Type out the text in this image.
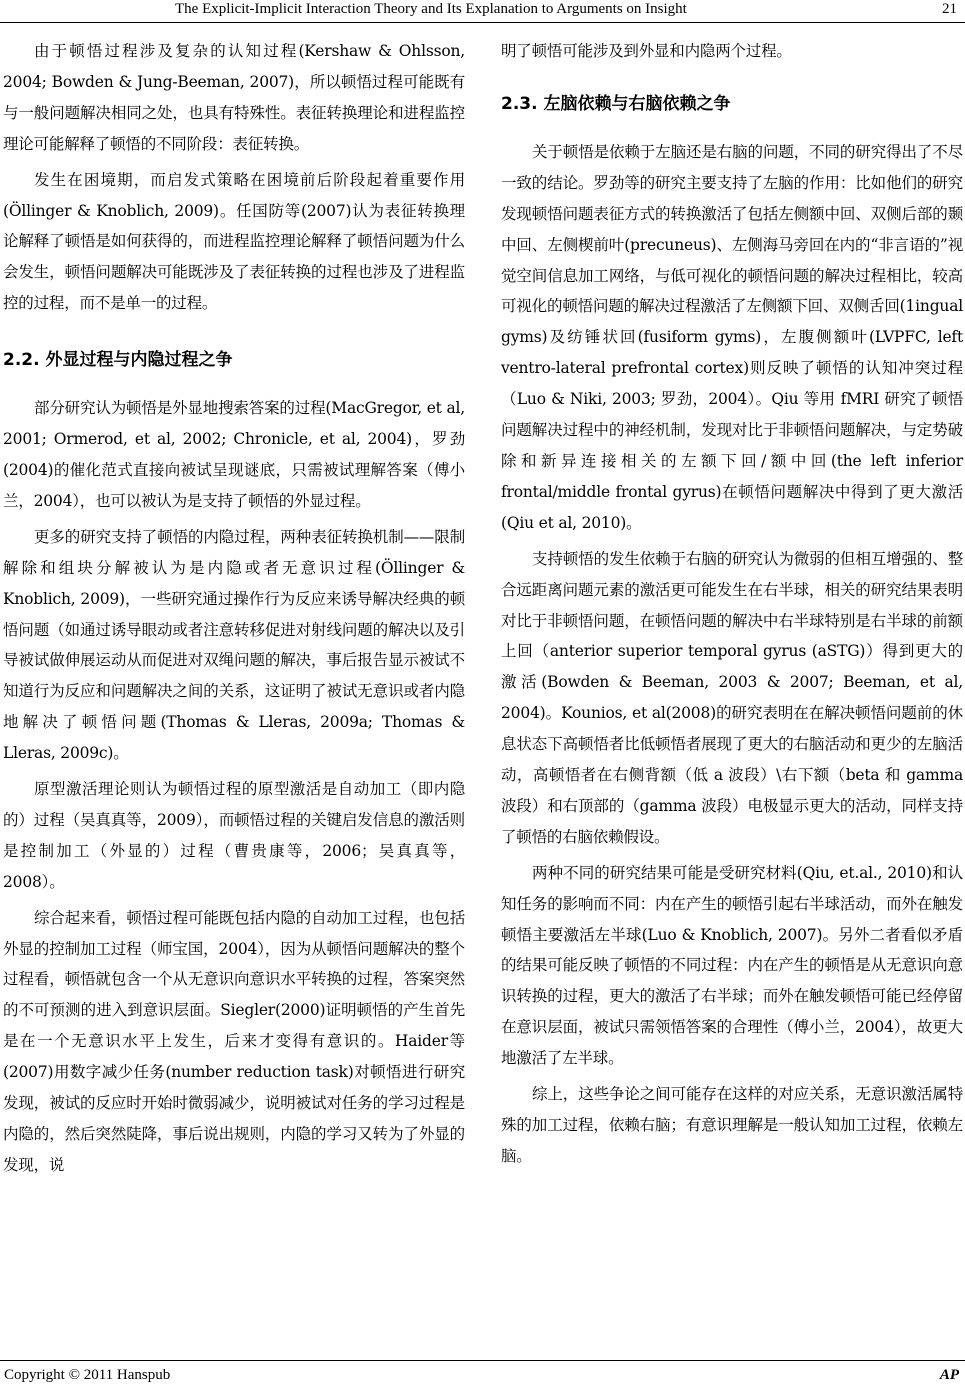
The Explicit-Implicit Interaction Theory and Its Explanation to Arguments on Insight	21

由于顿悟过程涉及复杂的认知过程(Kershaw & Ohlsson, 2004; Bowden & Jung-Beeman, 2007)，所以顿悟过程可能既有与一般问题解决相同之处，也具有特殊性。表征转换理论和进程监控理论可能解释了顿悟的不同阶段：表征转换。

发生在困境期，而启发式策略在困境前后阶段起着重要作用(Öllinger & Knoblich, 2009)。任国防等(2007)认为表征转换理论解释了顿悟是如何获得的，而进程监控理论解释了顿悟问题为什么会发生，顿悟问题解决可能既涉及了表征转换的过程也涉及了进程监控的过程，而不是单一的过程。

2.2. 外显过程与内隐过程之争

部分研究认为顿悟是外显地搜索答案的过程(MacGregor, et al, 2001; Ormerod, et al, 2002; Chronicle, et al, 2004)，罗劲(2004)的催化范式直接向被试呈现谜底，只需被试理解答案（傅小兰，2004），也可以被认为是支持了顿悟的外显过程。

更多的研究支持了顿悟的内隐过程，两种表征转换机制——限制解除和组块分解被认为是内隐或者无意识过程(Öllinger & Knoblich, 2009)，一些研究通过操作行为反应来诱导解决经典的顿悟问题（如通过诱导眼动或者注意转移促进对射线问题的解决以及引导被试做伸展运动从而促进对双绳问题的解决，事后报告显示被试不知道行为反应和问题解决之间的关系，这证明了被试无意识或者内隐地解决了顿悟问题(Thomas & Lleras, 2009a; Thomas & Lleras, 2009c)。

原型激活理论则认为顿悟过程的原型激活是自动加工（即内隐的）过程（吴真真等，2009），而顿悟过程的关键启发信息的激活则是控制加工（外显的）过程（曹贵康等，2006；吴真真等，2008）。

综合起来看，顿悟过程可能既包括内隐的自动加工过程，也包括外显的控制加工过程（师宝国，2004），因为从顿悟问题解决的整个过程看，顿悟就包含一个从无意识向意识水平转换的过程，答案突然的不可预测的进入到意识层面。Siegler(2000)证明顿悟的产生首先是在一个无意识水平上发生，后来才变得有意识的。Haider等(2007)用数字减少任务(number reduction task)对顿悟进行研究发现，被试的反应时开始时微弱减少，说明被试对任务的学习过程是内隐的，然后突然陡降，事后说出规则，内隐的学习又转为了外显的发现，说

明了顿悟可能涉及到外显和内隐两个过程。

2.3. 左脑依赖与右脑依赖之争

关于顿悟是依赖于左脑还是右脑的问题，不同的研究得出了不尽一致的结论。罗劲等的研究主要支持了左脑的作用：比如他们的研究发现顿悟问题表征方式的转换激活了包括左侧额中回、双侧后部的颞中回、左侧楔前叶(precuneus)、左侧海马旁回在内的“非言语的”视觉空间信息加工网络，与低可视化的顿悟问题的解决过程相比，较高可视化的顿悟问题的解决过程激活了左侧额下回、双侧舌回(1ingual gyms)及纺锤状回(fusiform gyms)，左腹侧额叶(LVPFC, left ventro-lateral prefrontal cortex)则反映了顿悟的认知冲突过程（Luo & Niki, 2003; 罗劲，2004）。Qiu 等用 fMRI 研究了顿悟问题解决过程中的神经机制，发现对比于非顿悟问题解决，与定势破除和新异连接相关的左额下回/额中回(the left inferior frontal/middle frontal gyrus)在顿悟问题解决中得到了更大激活(Qiu et al, 2010)。

支持顿悟的发生依赖于右脑的研究认为微弱的但相互增强的、整合远距离问题元素的激活更可能发生在右半球，相关的研究结果表明对比于非顿悟问题，在顿悟问题的解决中右半球特别是右半球的前额上回（anterior superior temporal gyrus (aSTG)）得到更大的激活(Bowden & Beeman, 2003 & 2007; Beeman, et al, 2004)。Kounios, et al(2008)的研究表明在在解决顿悟问题前的休息状态下高顿悟者比低顿悟者展现了更大的右脑活动和更少的左脑活动，高顿悟者在右侧背额（低 a 波段）\右下额（beta 和 gamma 波段）和右顶部的（gamma 波段）电极显示更大的活动，同样支持了顿悟的右脑依赖假设。

两种不同的研究结果可能是受研究材料(Qiu, et.al., 2010)和认知任务的影响而不同：内在产生的顿悟引起右半球活动，而外在触发顿悟主要激活左半球(Luo & Knoblich, 2007)。另外二者看似矛盾的结果可能反映了顿悟的不同过程：内在产生的顿悟是从无意识向意识转换的过程，更大的激活了右半球；而外在触发顿悟可能已经停留在意识层面，被试只需领悟答案的合理性（傅小兰，2004），故更大地激活了左半球。

综上，这些争论之间可能存在这样的对应关系，无意识激活属特殊的加工过程，依赖右脑；有意识理解是一般认知加工过程，依赖左脑。

Copyright © 2011 Hanspub	AP
